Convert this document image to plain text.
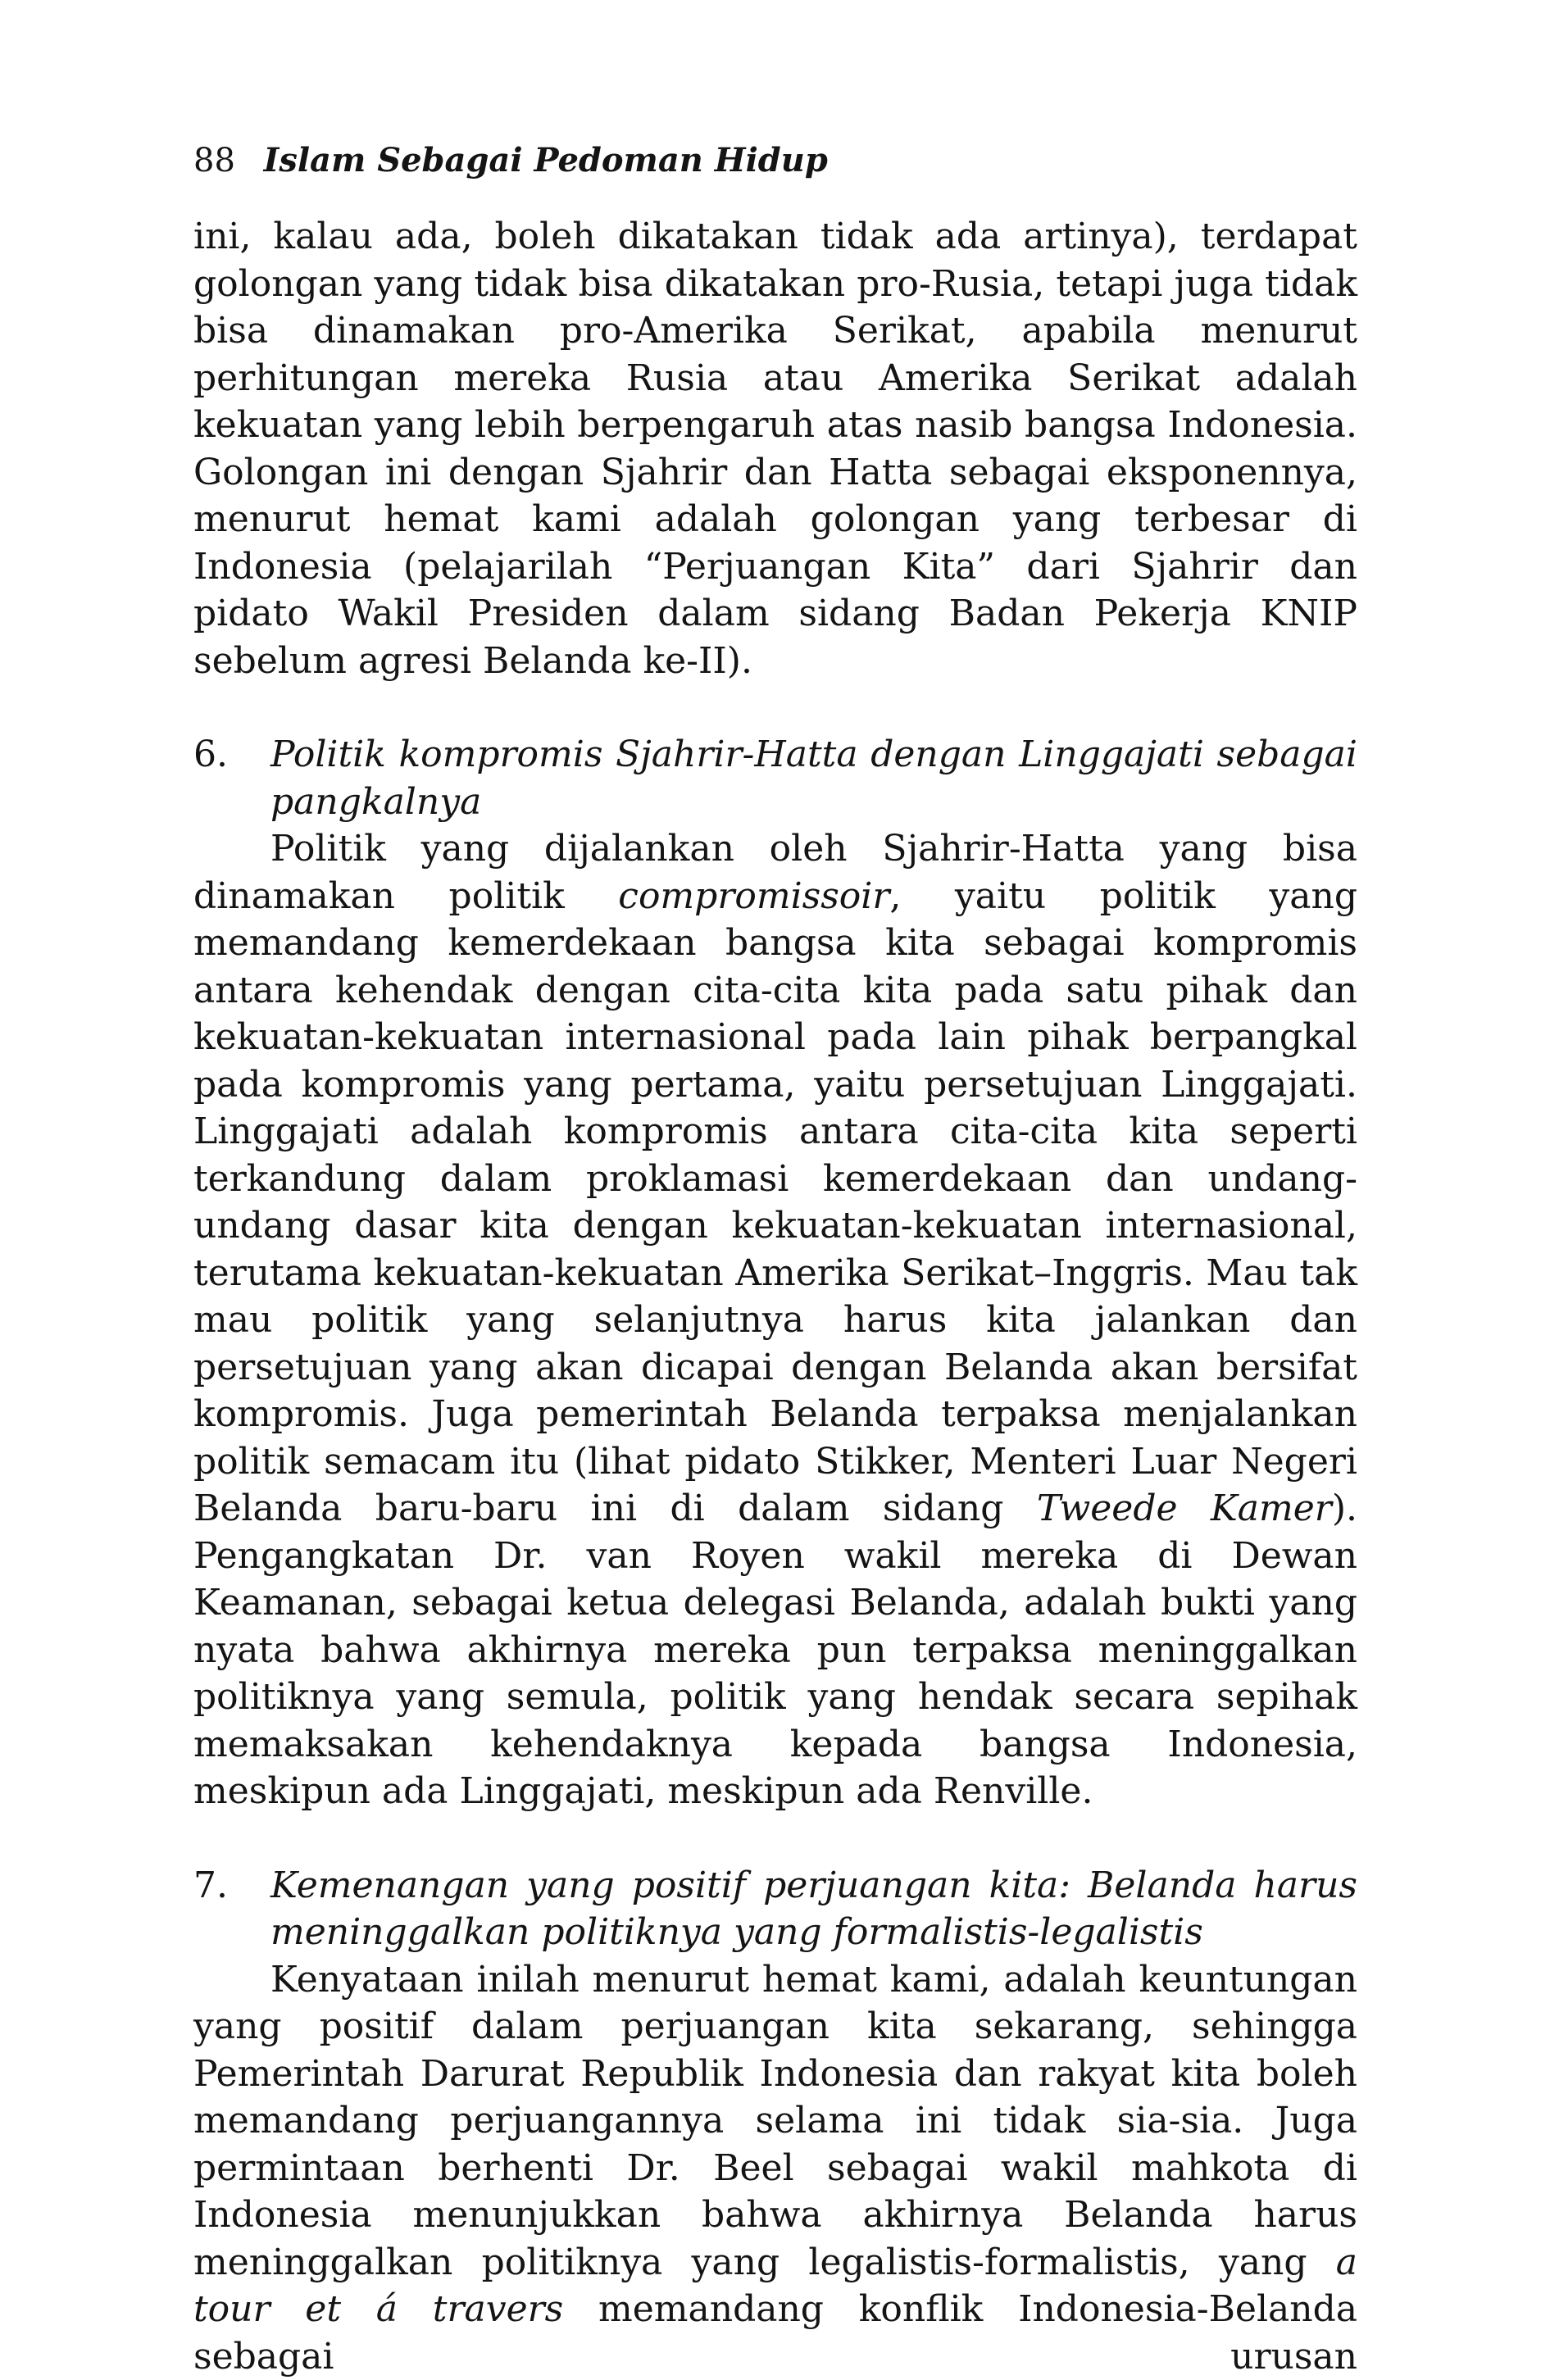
88 Islam Sebagai Pedoman Hidup

ini, kalau ada, boleh dikatakan tidak ada artinya), terdapat golongan yang tidak bisa dikatakan pro-Rusia, tetapi juga tidak bisa dinamakan pro-Amerika Serikat, apabila menurut perhitungan mereka Rusia atau Amerika Serikat adalah kekuatan yang lebih berpengaruh atas nasib bangsa Indonesia. Golongan ini dengan Sjahrir dan Hatta sebagai eksponennya, menurut hemat kami adalah golongan yang terbesar di Indonesia (pelajarilah “Perjuangan Kita” dari Sjahrir dan pidato Wakil Presiden dalam sidang Badan Pekerja KNIP sebelum agresi Belanda ke-II).

6.	Politik kompromis Sjahrir-Hatta dengan Linggajati sebagai pangkalnya

Politik yang dijalankan oleh Sjahrir-Hatta yang bisa dinamakan politik compromissoir, yaitu politik yang memandang kemerdekaan bangsa kita sebagai kompromis antara kehendak dengan cita-cita kita pada satu pihak dan kekuatan-kekuatan internasional pada lain pihak berpangkal pada kompromis yang pertama, yaitu persetujuan Linggajati. Linggajati adalah kompromis antara cita-cita kita seperti terkandung dalam proklamasi kemerdekaan dan undang-undang dasar kita dengan kekuatan-kekuatan internasional, terutama kekuatan-kekuatan Amerika Serikat–Inggris. Mau tak mau politik yang selanjutnya harus kita jalankan dan persetujuan yang akan dicapai dengan Belanda akan bersifat kompromis. Juga pemerintah Belanda terpaksa menjalankan politik semacam itu (lihat pidato Stikker, Menteri Luar Negeri Belanda baru-baru ini di dalam sidang Tweede Kamer). Pengangkatan Dr. van Royen wakil mereka di Dewan Keamanan, sebagai ketua delegasi Belanda, adalah bukti yang nyata bahwa akhirnya mereka pun terpaksa meninggalkan politiknya yang semula, politik yang hendak secara sepihak memaksakan kehendaknya kepada bangsa Indonesia, meskipun ada Linggajati, meskipun ada Renville.

7.	Kemenangan yang positif perjuangan kita: Belanda harus meninggalkan politiknya yang formalistis-legalistis

Kenyataan inilah menurut hemat kami, adalah keuntungan yang positif dalam perjuangan kita sekarang, sehingga Pemerintah Darurat Republik Indonesia dan rakyat kita boleh memandang perjuangannya selama ini tidak sia-sia. Juga permintaan berhenti Dr. Beel sebagai wakil mahkota di Indonesia menunjukkan bahwa akhirnya Belanda harus meninggalkan politiknya yang legalistis-formalistis, yang a tour et á travers memandang konflik Indonesia-Belanda sebagai urusan
